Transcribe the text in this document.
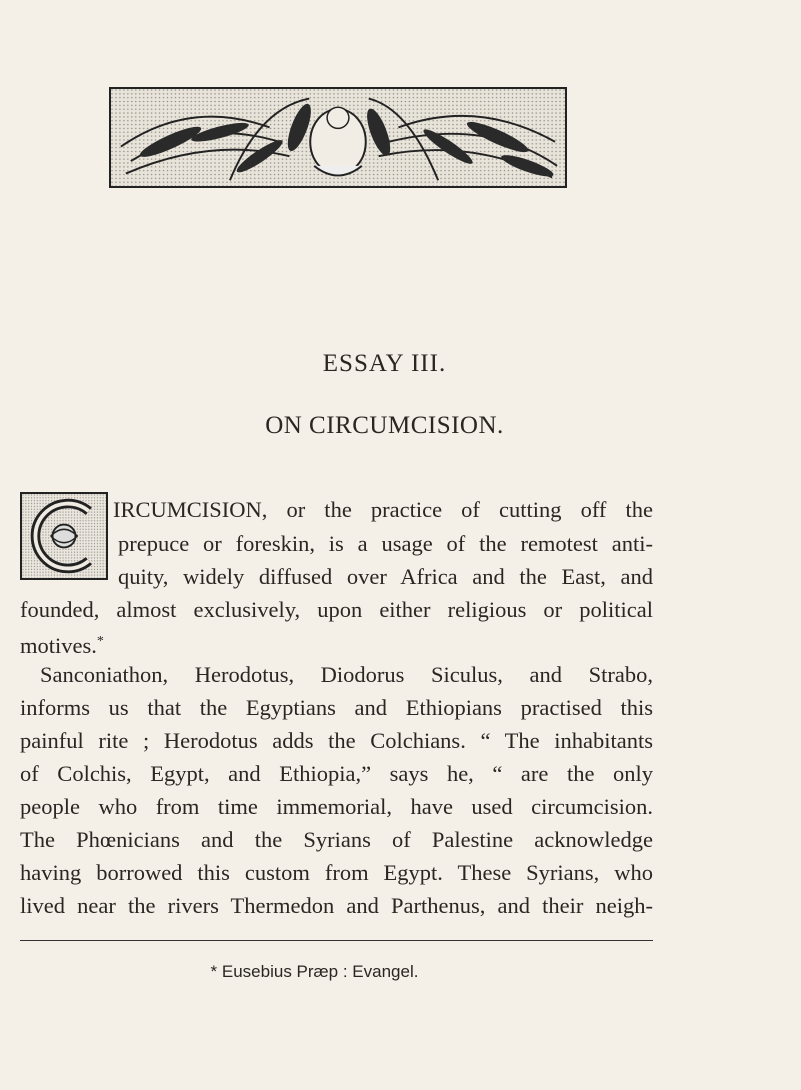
ESSAY III.
ON CIRCUMCISION.
IRCUMCISION, or the practice of cutting off the
prepuce or foreskin, is a usage of the remotest anti-
quity, widely diffused over Africa and the East, and
founded, almost exclusively, upon either religious or political
motives.*
Sanconiathon, Herodotus, Diodorus Siculus, and Strabo,
informs us that the Egyptians and Ethiopians practised this
painful rite ; Herodotus adds the Colchians. “ The inhabitants
of Colchis, Egypt, and Ethiopia,” says he, “ are the only
people who from time immemorial, have used circumcision.
The Phœnicians and the Syrians of Palestine acknowledge
having borrowed this custom from Egypt. These Syrians, who
lived near the rivers Thermedon and Parthenus, and their neigh-
* Eusebius Præp : Evangel.
